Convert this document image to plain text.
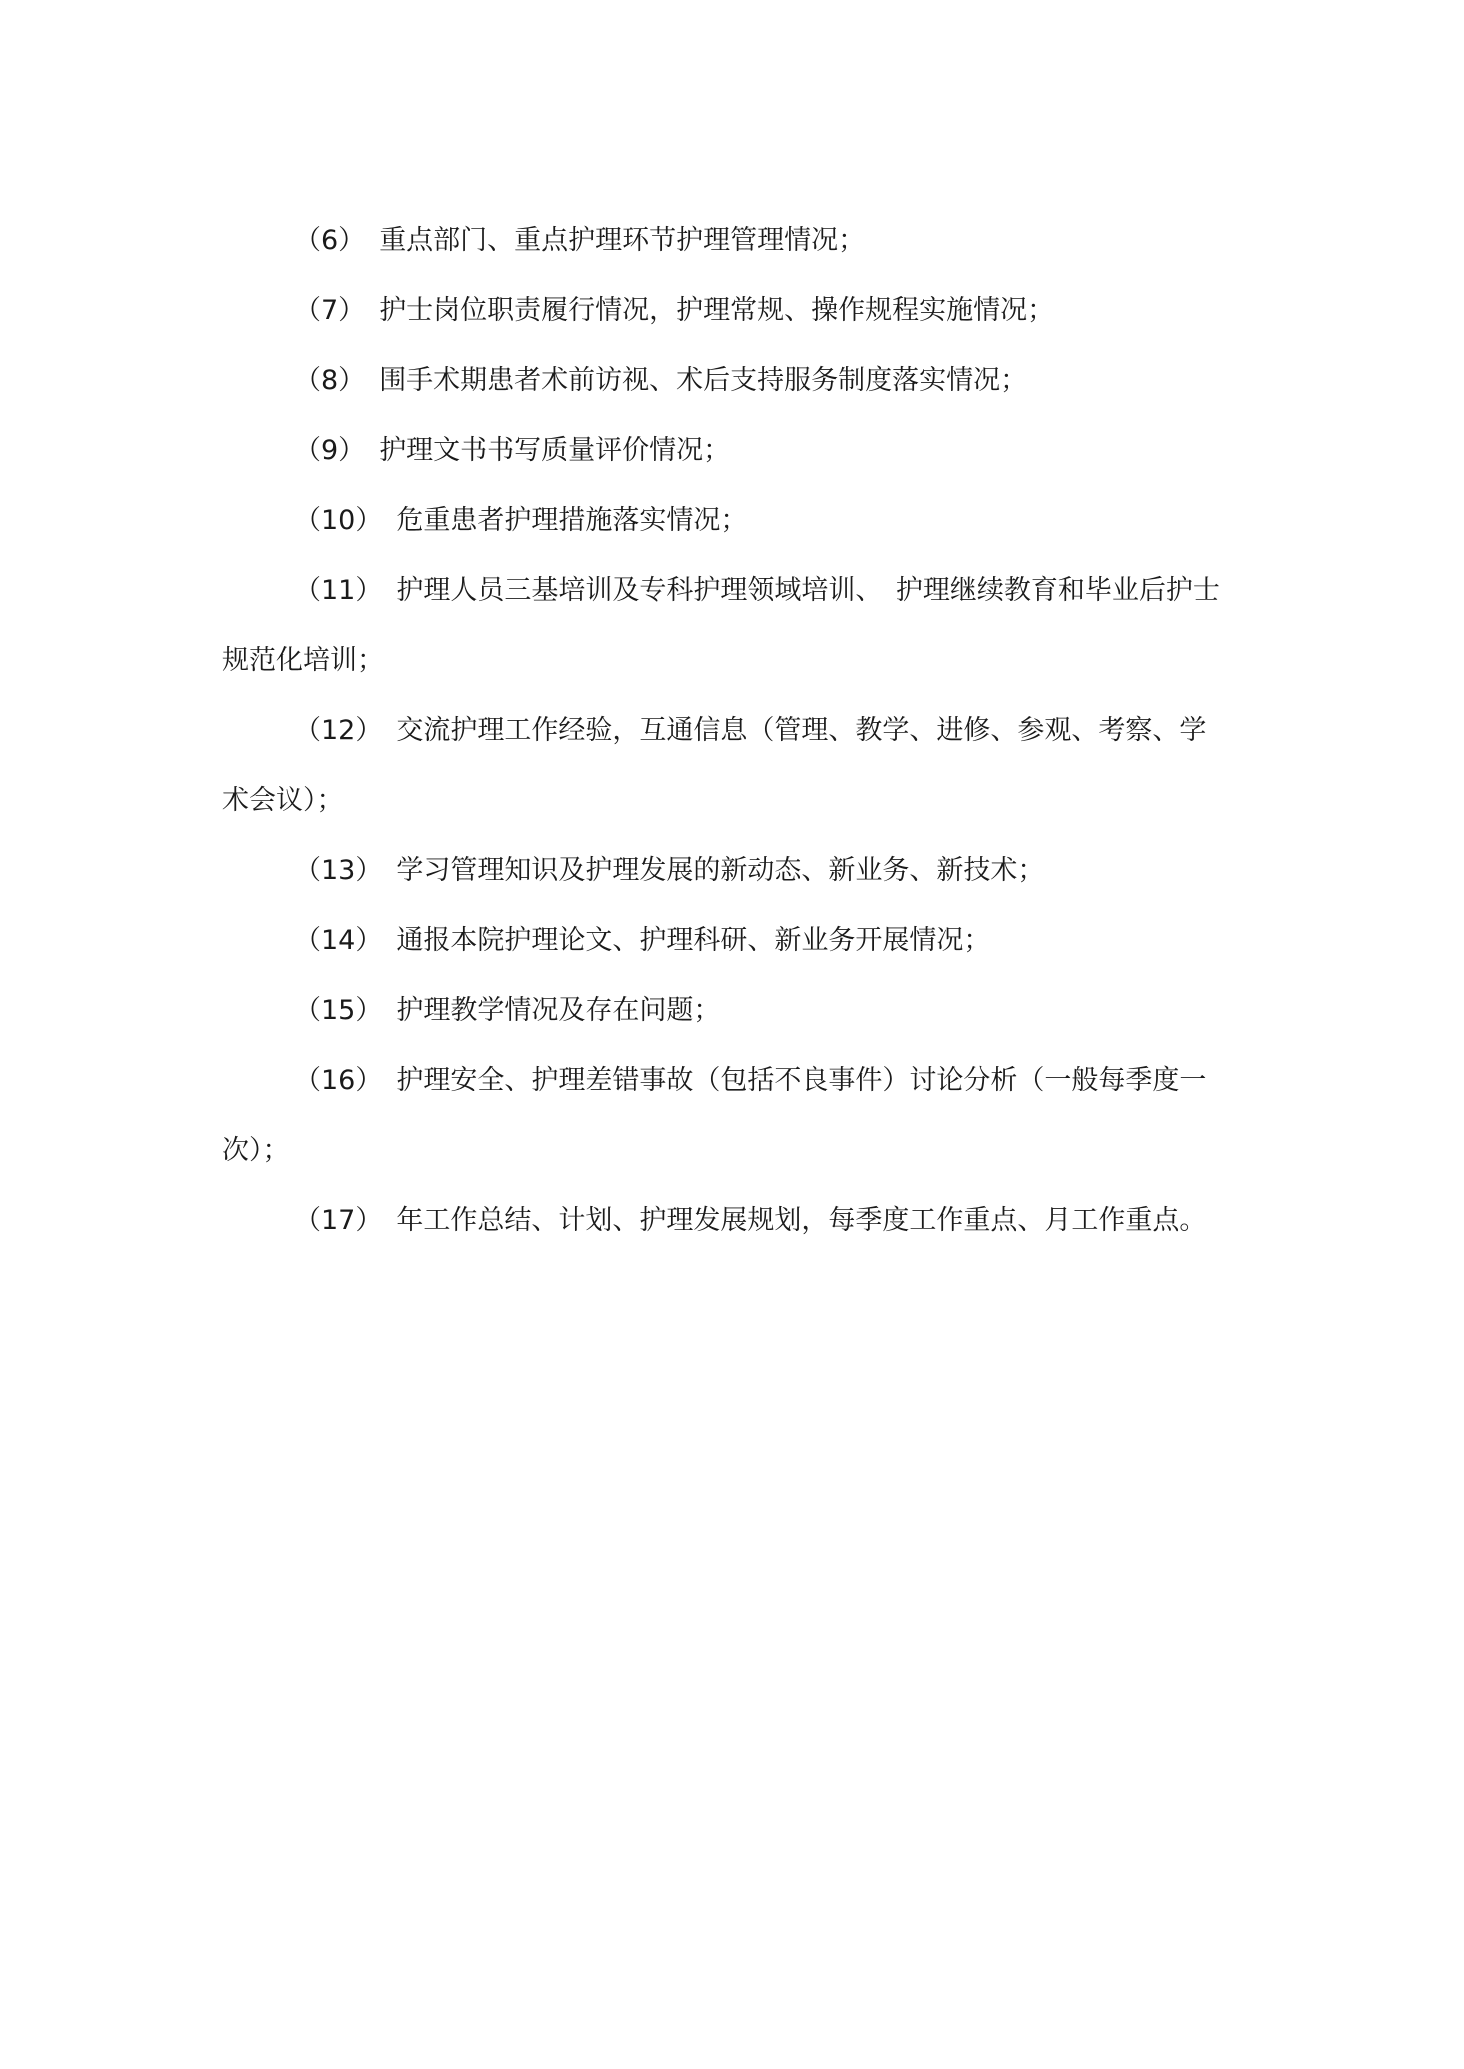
（6） 重点部门、重点护理环节护理管理情况；

（7） 护士岗位职责履行情况，护理常规、操作规程实施情况；

（8） 围手术期患者术前访视、术后支持服务制度落实情况；

（9） 护理文书书写质量评价情况；

（10） 危重患者护理措施落实情况；

（11） 护理人员三基培训及专科护理领域培训、　护理继续教育和毕业后护士

规范化培训；

（12） 交流护理工作经验，互通信息（管理、教学、进修、参观、考察、学

术会议）；

（13） 学习管理知识及护理发展的新动态、新业务、新技术；

（14） 通报本院护理论文、护理科研、新业务开展情况；

（15） 护理教学情况及存在问题；

（16） 护理安全、护理差错事故（包括不良事件）讨论分析（一般每季度一

次）；

（17） 年工作总结、计划、护理发展规划，每季度工作重点、月工作重点。
